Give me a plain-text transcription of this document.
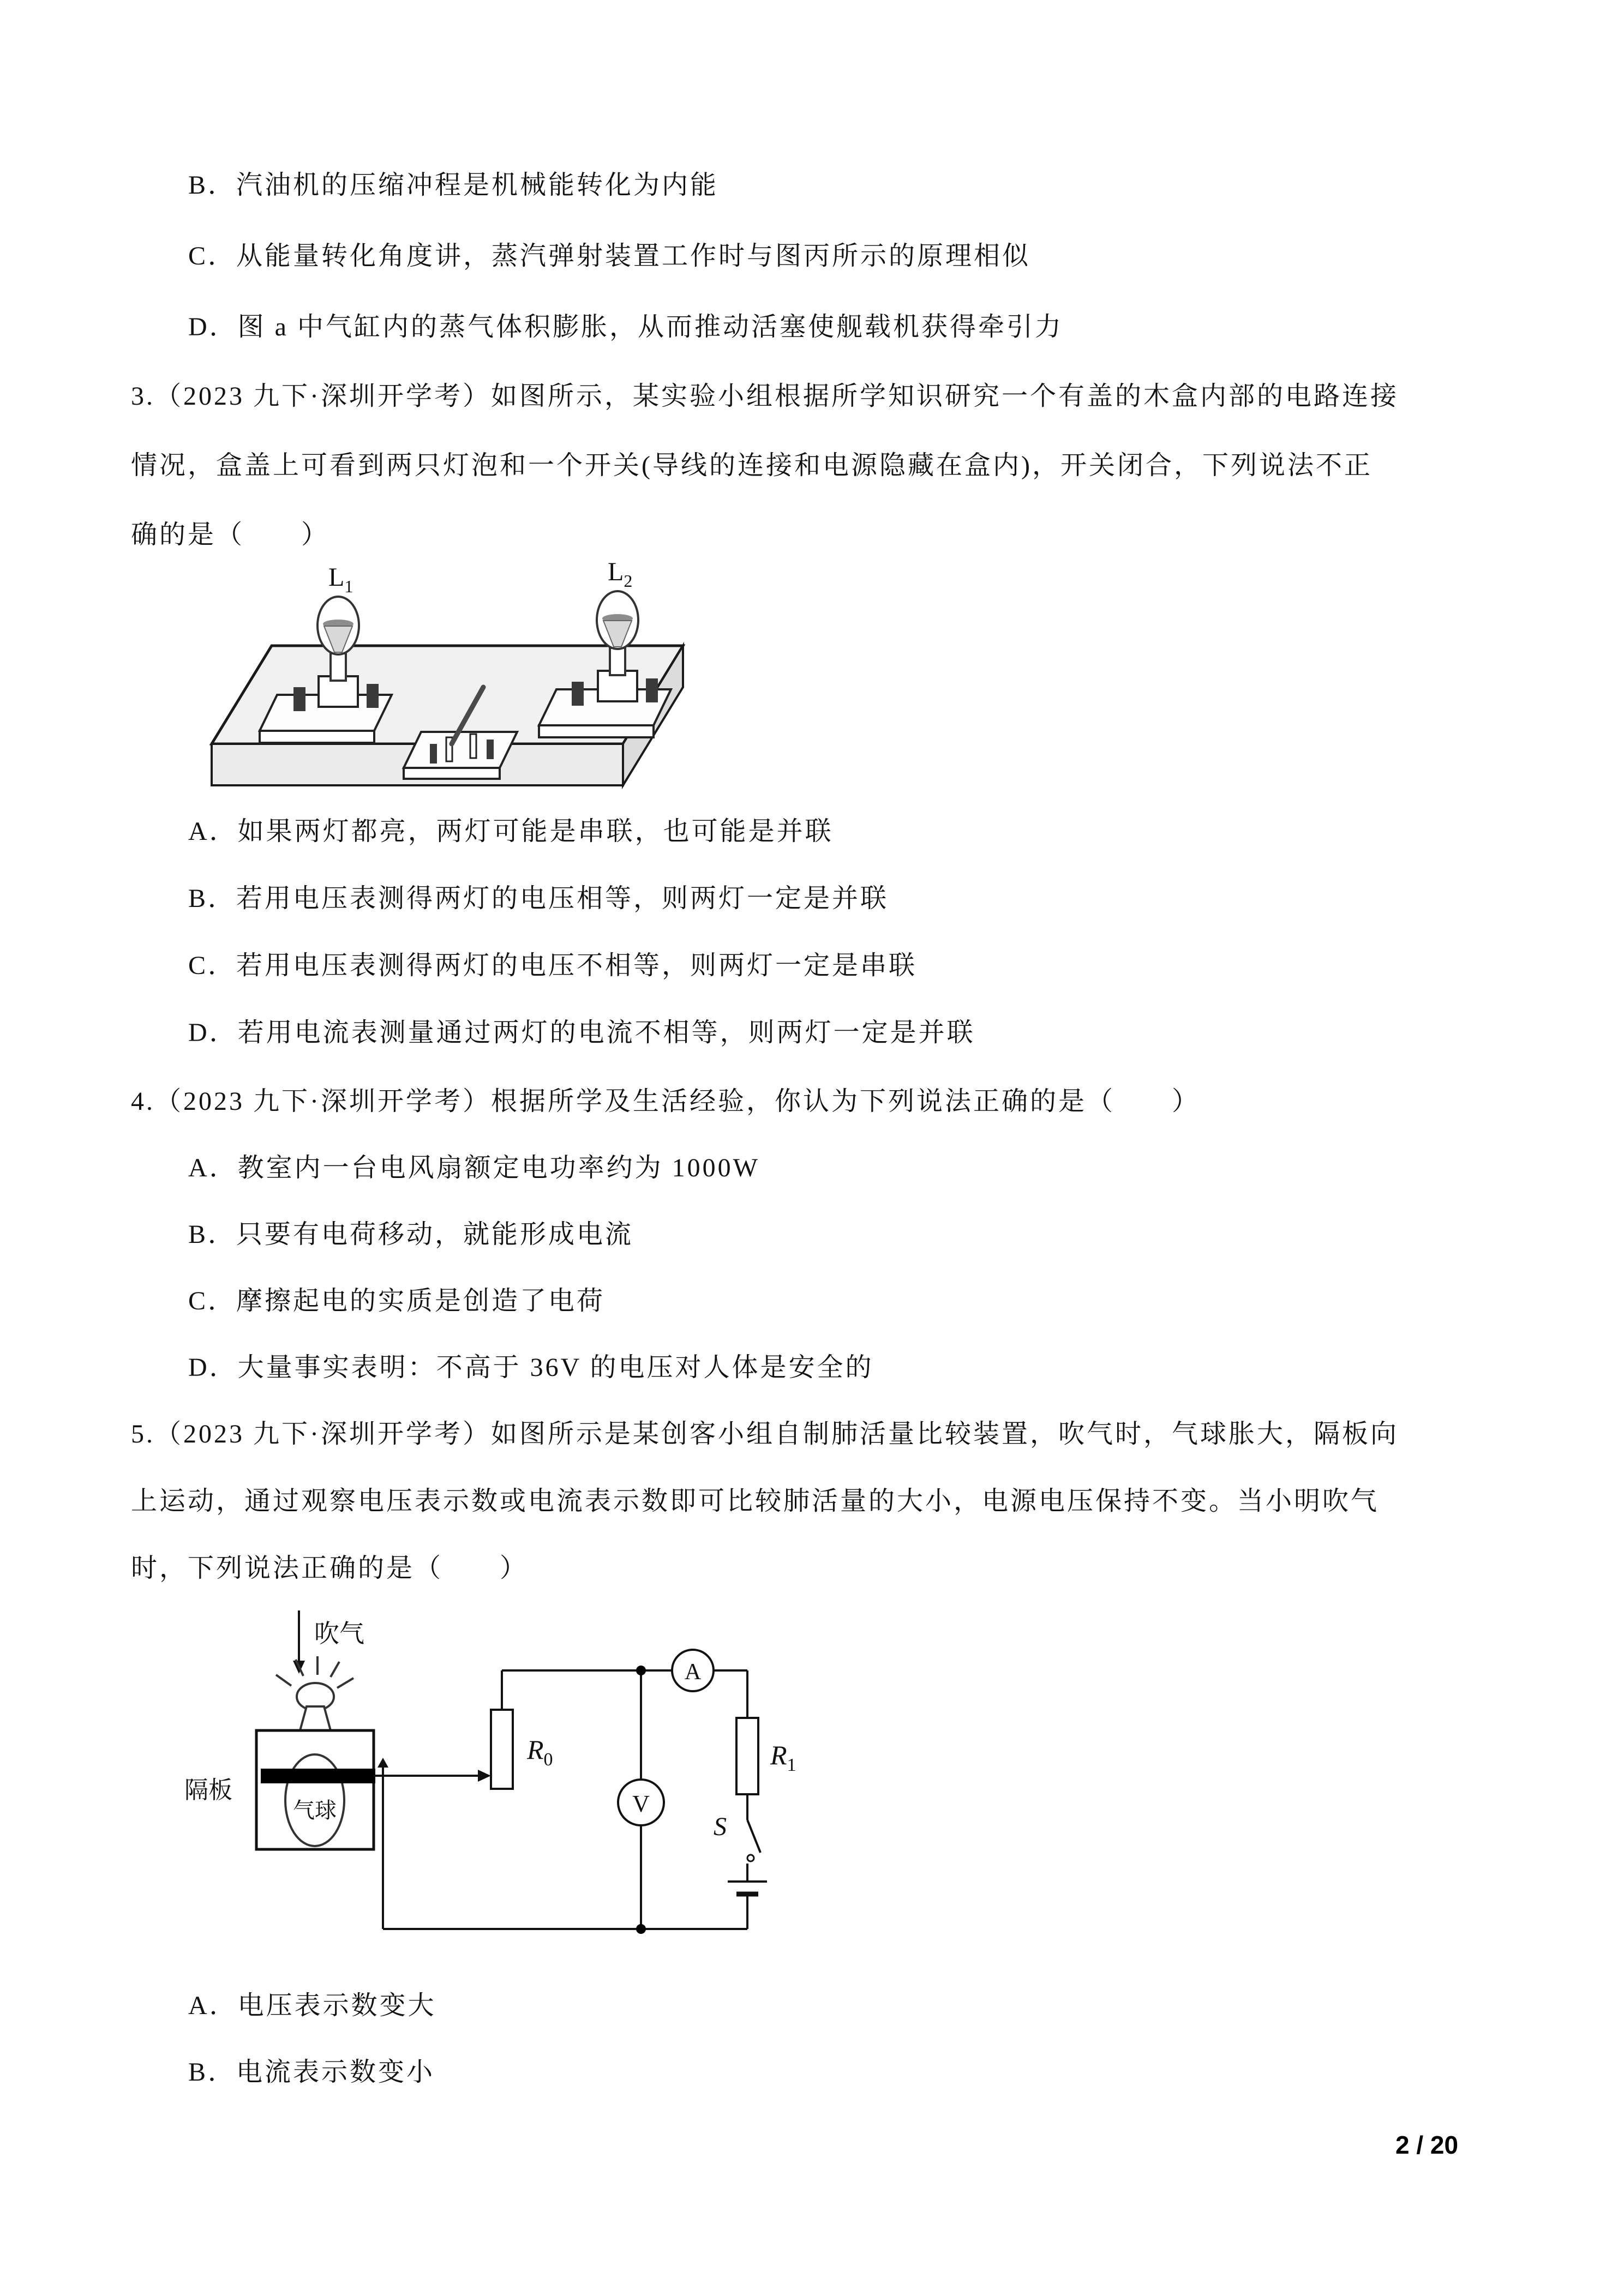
B．汽油机的压缩冲程是机械能转化为内能
C．从能量转化角度讲，蒸汽弹射装置工作时与图丙所示的原理相似
D．图 a 中气缸内的蒸气体积膨胀，从而推动活塞使舰载机获得牵引力
3.（2023 九下·深圳开学考）如图所示，某实验小组根据所学知识研究一个有盖的木盒内部的电路连接
情况，盒盖上可看到两只灯泡和一个开关(导线的连接和电源隐藏在盒内)，开关闭合，下列说法不正
确的是（　　）
$L_1$	$L_2$
A．如果两灯都亮，两灯可能是串联，也可能是并联
B．若用电压表测得两灯的电压相等，则两灯一定是并联
C．若用电压表测得两灯的电压不相等，则两灯一定是串联
D．若用电流表测量通过两灯的电流不相等，则两灯一定是并联
4.（2023 九下·深圳开学考）根据所学及生活经验，你认为下列说法正确的是（　　）
A．教室内一台电风扇额定电功率约为 1000W
B．只要有电荷移动，就能形成电流
C．摩擦起电的实质是创造了电荷
D．大量事实表明：不高于 36V 的电压对人体是安全的
5.（2023 九下·深圳开学考）如图所示是某创客小组自制肺活量比较装置，吹气时，气球胀大，隔板向
上运动，通过观察电压表示数或电流表示数即可比较肺活量的大小，电源电压保持不变。当小明吹气
时，下列说法正确的是（　　）
吹气
隔板
气球
$R_0$
A
V
$R_1$
S
A．电压表示数变大
B．电流表示数变小
2 / 20
